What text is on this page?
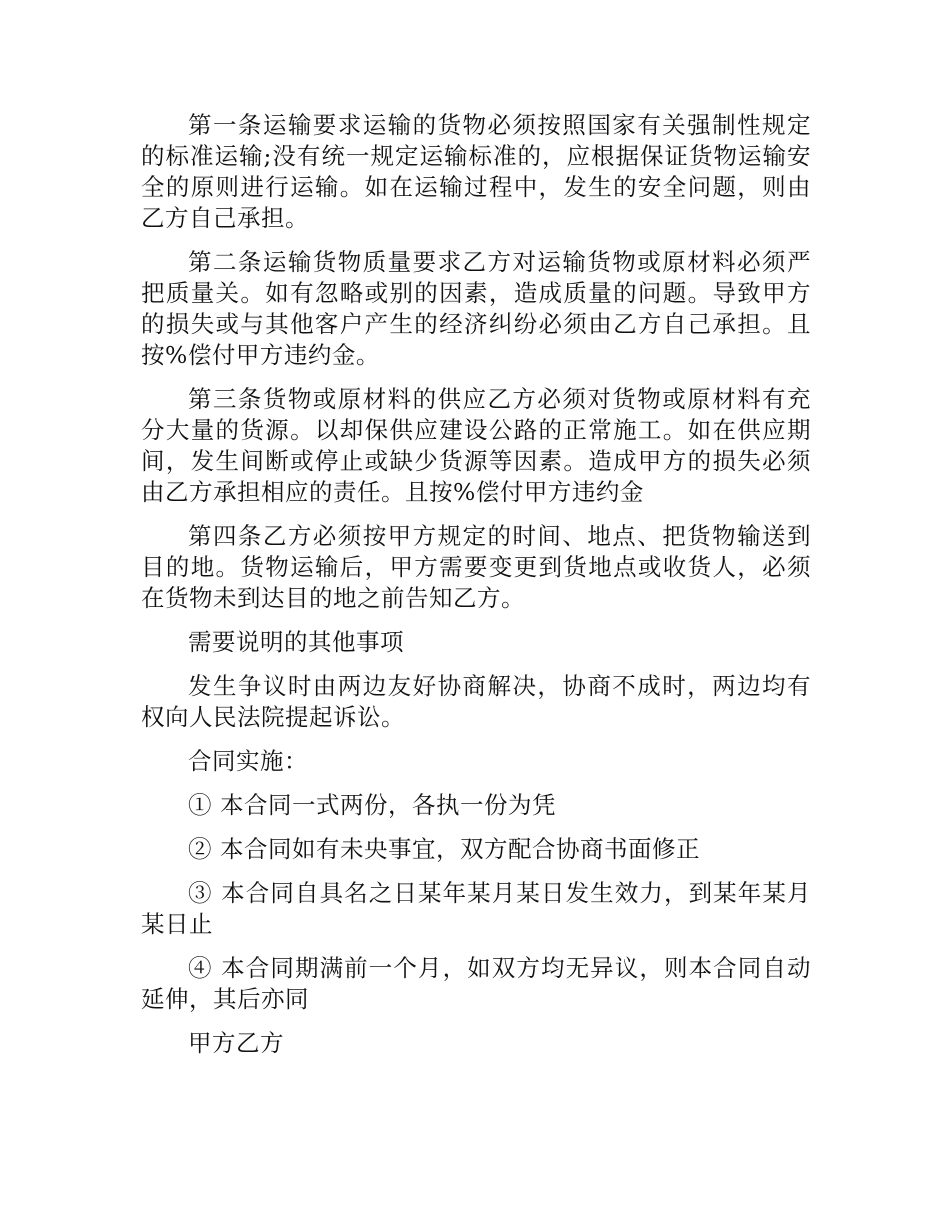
第一条运输要求运输的货物必须按照国家有关强制性规定的标准运输;没有统一规定运输标准的，应根据保证货物运输安全的原则进行运输。如在运输过程中，发生的安全问题，则由乙方自己承担。

第二条运输货物质量要求乙方对运输货物或原材料必须严把质量关。如有忽略或别的因素，造成质量的问题。导致甲方的损失或与其他客户产生的经济纠纷必须由乙方自己承担。且按%偿付甲方违约金。

第三条货物或原材料的供应乙方必须对货物或原材料有充分大量的货源。以却保供应建设公路的正常施工。如在供应期间，发生间断或停止或缺少货源等因素。造成甲方的损失必须由乙方承担相应的责任。且按%偿付甲方违约金

第四条乙方必须按甲方规定的时间、地点、把货物输送到目的地。货物运输后，甲方需要变更到货地点或收货人，必须在货物未到达目的地之前告知乙方。

需要说明的其他事项

发生争议时由两边友好协商解决，协商不成时，两边均有权向人民法院提起诉讼。

合同实施：

① 本合同一式两份，各执一份为凭

② 本合同如有未央事宜，双方配合协商书面修正

③ 本合同自具名之日某年某月某日发生效力，到某年某月某日止

④ 本合同期满前一个月，如双方均无异议，则本合同自动延伸，其后亦同

甲方乙方
